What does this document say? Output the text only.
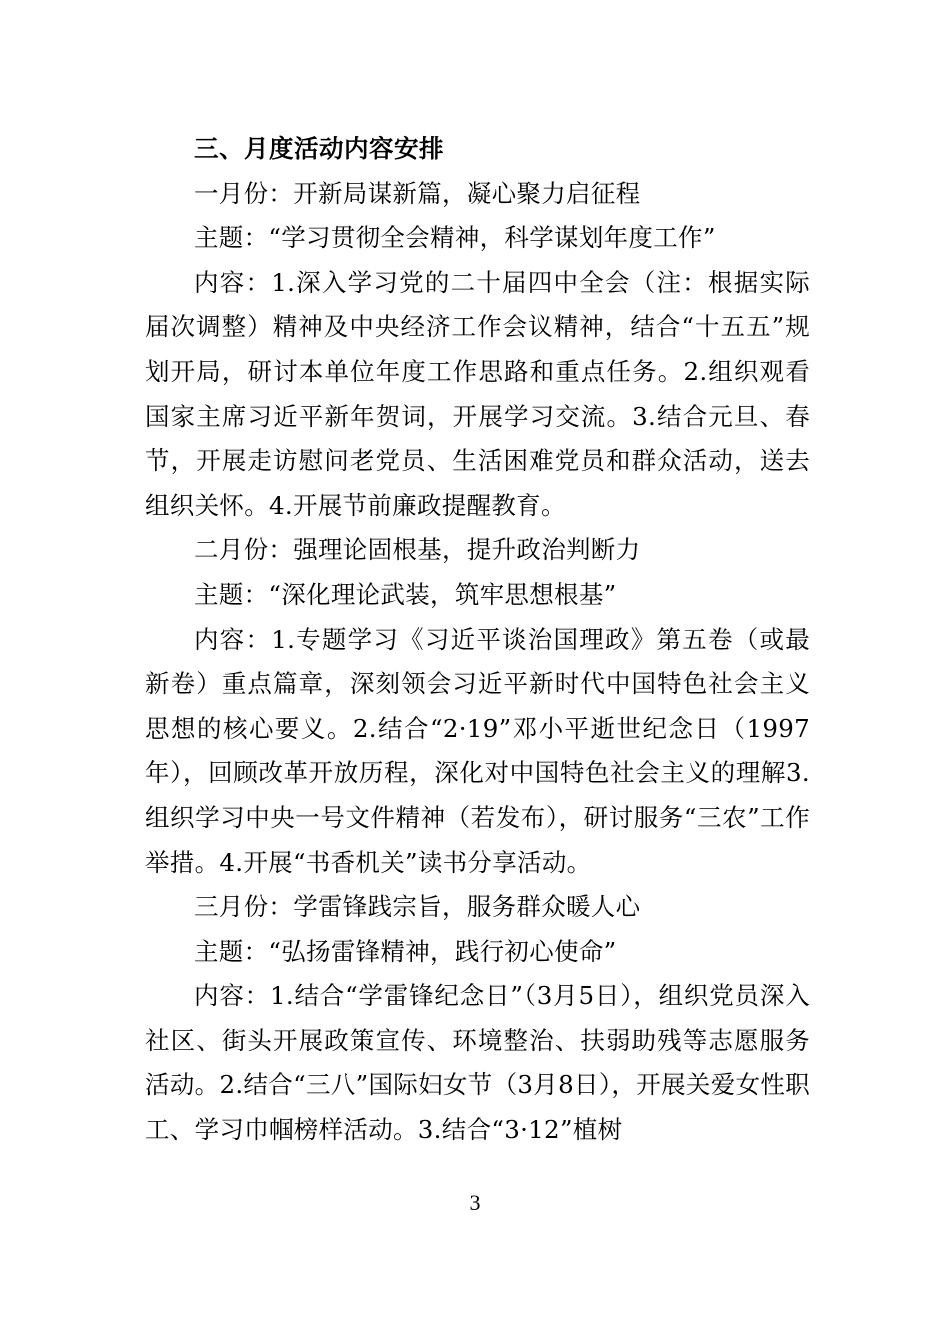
三、月度活动内容安排

一月份：开新局谋新篇，凝心聚力启征程

主题：“学习贯彻全会精神，科学谋划年度工作”

内容：1.深入学习党的二十届四中全会（注：根据实际届次调整）精神及中央经济工作会议精神，结合“十五五”规划开局，研讨本单位年度工作思路和重点任务。2.组织观看国家主席习近平新年贺词，开展学习交流。3.结合元旦、春节，开展走访慰问老党员、生活困难党员和群众活动，送去组织关怀。4.开展节前廉政提醒教育。

二月份：强理论固根基，提升政治判断力

主题：“深化理论武装，筑牢思想根基”

内容：1.专题学习《习近平谈治国理政》第五卷（或最新卷）重点篇章，深刻领会习近平新时代中国特色社会主义思想的核心要义。2.结合“2·19”邓小平逝世纪念日（1997年），回顾改革开放历程，深化对中国特色社会主义的理解3.组织学习中央一号文件精神（若发布），研讨服务“三农”工作举措。4.开展“书香机关”读书分享活动。

三月份：学雷锋践宗旨，服务群众暖人心

主题：“弘扬雷锋精神，践行初心使命”

内容：1.结合“学雷锋纪念日”（3月5日），组织党员深入社区、街头开展政策宣传、环境整治、扶弱助残等志愿服务活动。2.结合“三八”国际妇女节（3月8日），开展关爱女性职工、学习巾帼榜样活动。3.结合“3·12”植树

3
